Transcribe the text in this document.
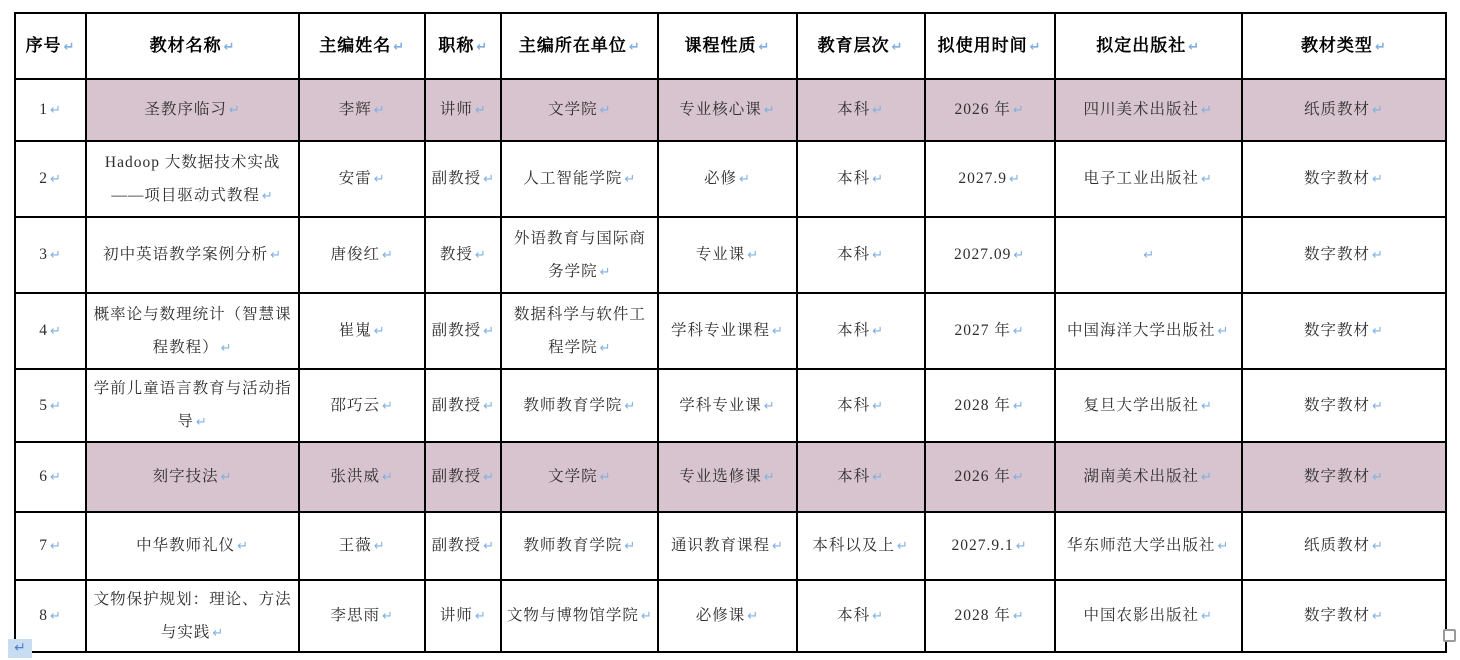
序号 ↵	教材名称 ↵	主编姓名 ↵	职称 ↵	主编所在单位 ↵	课程性质 ↵	教育层次 ↵	拟使用时间 ↵	拟定出版社 ↵	教材类型 ↵
1 ↵	圣教序临习 ↵	李辉 ↵	讲师 ↵	文学院 ↵	专业核心课 ↵	本科 ↵	2026 年 ↵	四川美术出版社 ↵	纸质教材 ↵
2 ↵	Hadoop 大数据技术实战——项目驱动式教程 ↵	安雷 ↵	副教授 ↵	人工智能学院 ↵	必修 ↵	本科 ↵	2027.9 ↵	电子工业出版社 ↵	数字教材 ↵
3 ↵	初中英语教学案例分析 ↵	唐俊红 ↵	教授 ↵	外语教育与国际商务学院 ↵	专业课 ↵	本科 ↵	2027.09 ↵	↵	数字教材 ↵
4 ↵	概率论与数理统计（智慧课程教程） ↵	崔嵬 ↵	副教授 ↵	数据科学与软件工程学院 ↵	学科专业课程 ↵	本科 ↵	2027 年 ↵	中国海洋大学出版社 ↵	数字教材 ↵
5 ↵	学前儿童语言教育与活动指导 ↵	邵巧云 ↵	副教授 ↵	教师教育学院 ↵	学科专业课 ↵	本科 ↵	2028 年 ↵	复旦大学出版社 ↵	数字教材 ↵
6 ↵	刻字技法 ↵	张洪威 ↵	副教授 ↵	文学院 ↵	专业选修课 ↵	本科 ↵	2026 年 ↵	湖南美术出版社 ↵	数字教材 ↵
7 ↵	中华教师礼仪 ↵	王薇 ↵	副教授 ↵	教师教育学院 ↵	通识教育课程 ↵	本科以及上 ↵	2027.9.1 ↵	华东师范大学出版社 ↵	纸质教材 ↵
8 ↵	文物保护规划：理论、方法与实践 ↵	李思雨 ↵	讲师 ↵	文物与博物馆学院 ↵	必修课 ↵	本科 ↵	2028 年 ↵	中国农影出版社 ↵	数字教材 ↵
↵
